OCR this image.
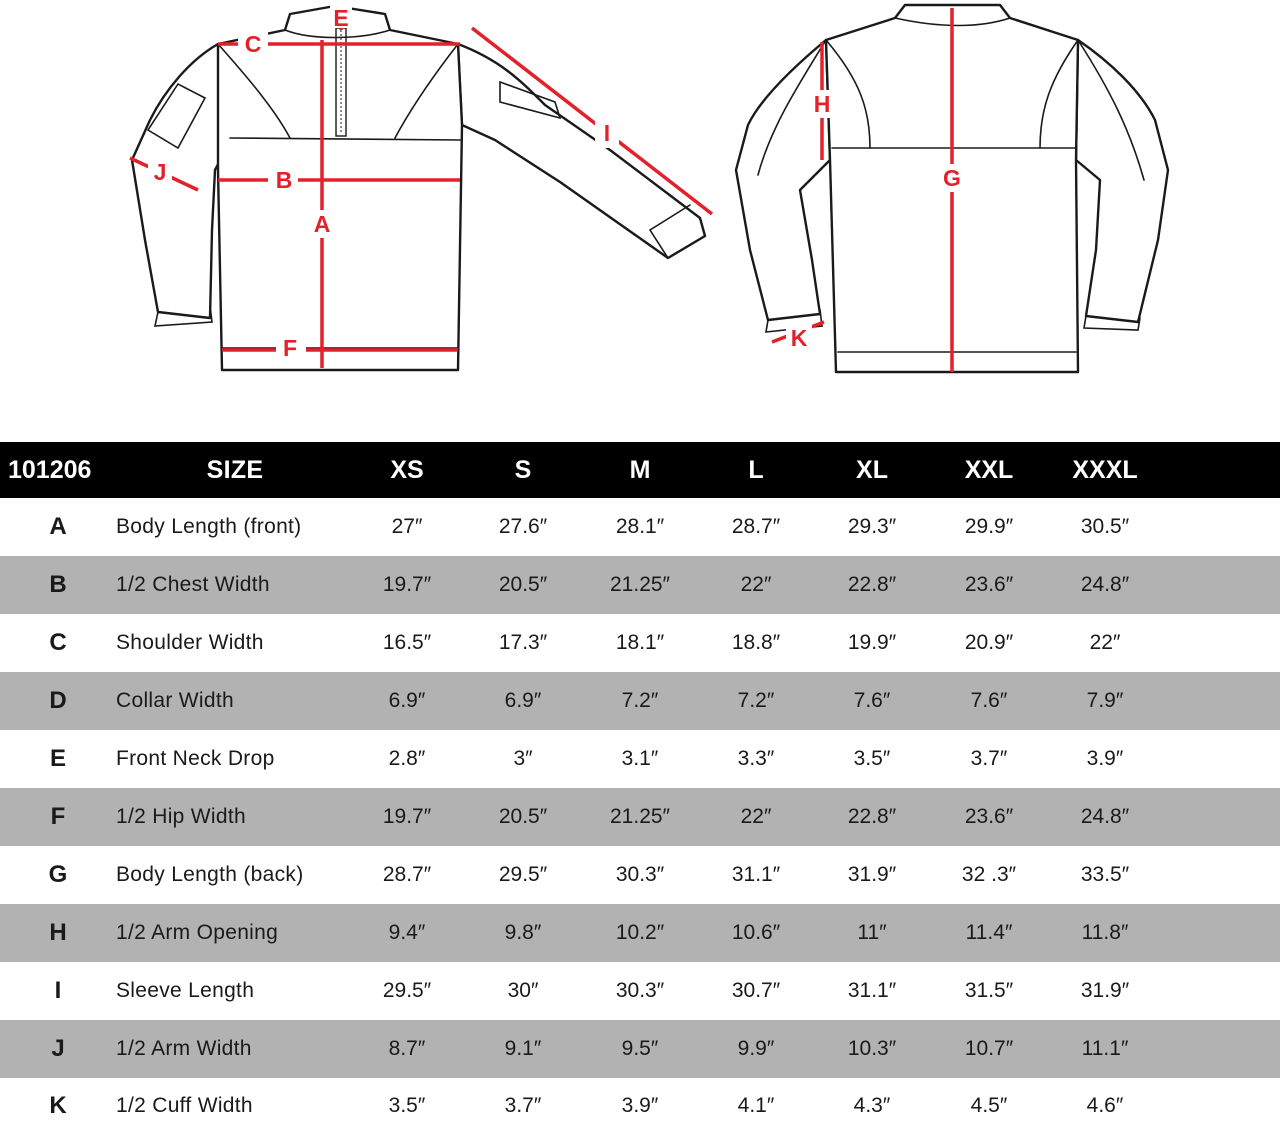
A
B
C
E
F
G
H
I
J
K
101206	SIZE	XS	S	M	L	XL	XXL	XXXL
A	Body Length (front)	27″	27.6″	28.1″	28.7″	29.3″	29.9″	30.5″
B	1/2 Chest Width	19.7″	20.5″	21.25″	22″	22.8″	23.6″	24.8″
C	Shoulder Width	16.5″	17.3″	18.1″	18.8″	19.9″	20.9″	22″
D	Collar Width	6.9″	6.9″	7.2″	7.2″	7.6″	7.6″	7.9″
E	Front Neck Drop	2.8″	3″	3.1″	3.3″	3.5″	3.7″	3.9″
F	1/2 Hip Width	19.7″	20.5″	21.25″	22″	22.8″	23.6″	24.8″
G	Body Length (back)	28.7″	29.5″	30.3″	31.1″	31.9″	32 .3″	33.5″
H	1/2 Arm Opening	9.4″	9.8″	10.2″	10.6″	11″	11.4″	11.8″
I	Sleeve Length	29.5″	30″	30.3″	30.7″	31.1″	31.5″	31.9″
J	1/2 Arm Width	8.7″	9.1″	9.5″	9.9″	10.3″	10.7″	11.1″
K	1/2 Cuff Width	3.5″	3.7″	3.9″	4.1″	4.3″	4.5″	4.6″
